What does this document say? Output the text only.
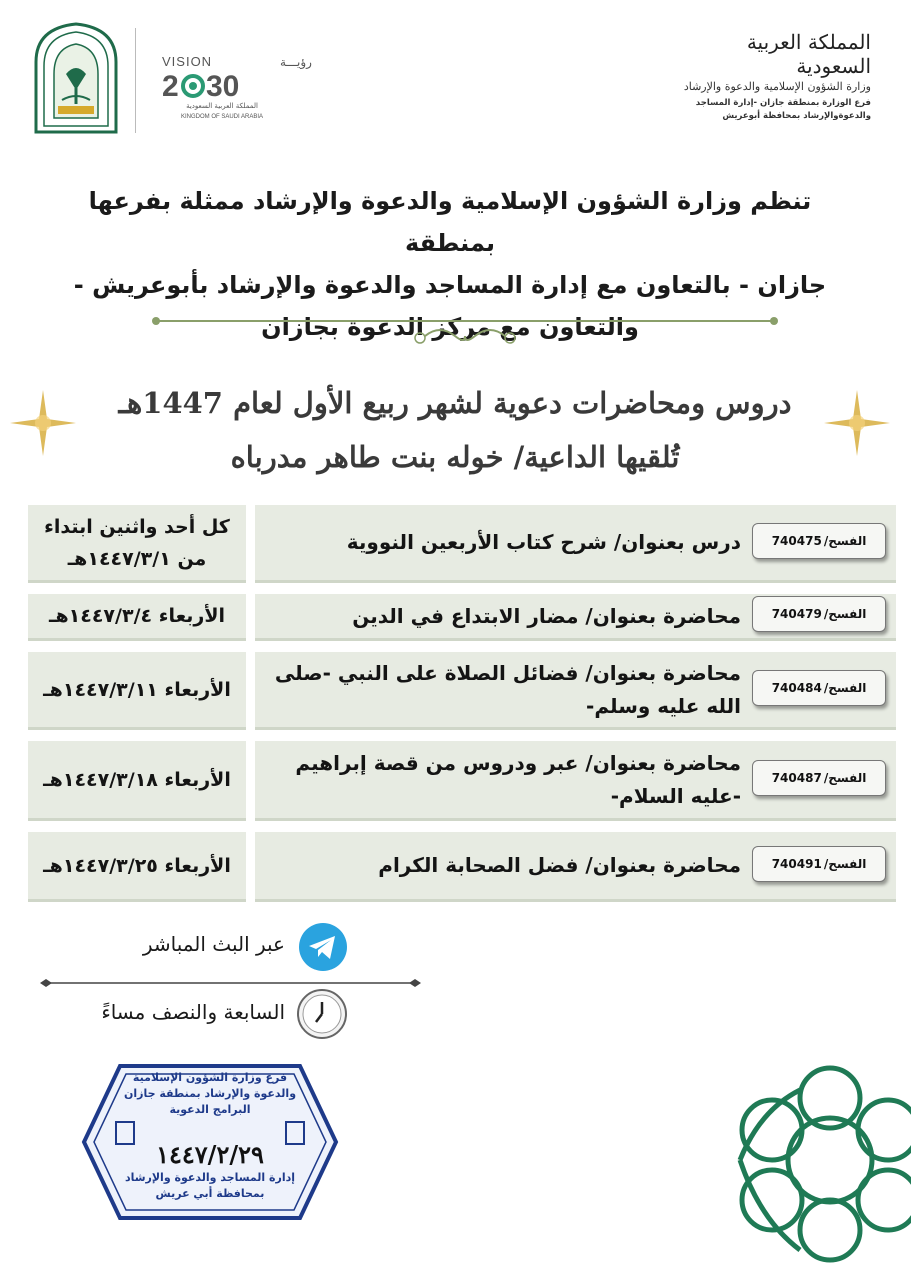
المملكة العربية السعودية
وزارة الشؤون الإسلامية والدعوة والإرشاد
فرع الوزارة بمنطقة جازان -إدارة المساجد
والدعوةوالإرشاد بمحافظة أبوعريش
VISION	رؤيـــة
2 30
المملكة العربية السعودية
KINGDOM OF SAUDI ARABIA
تنظم وزارة الشؤون الإسلامية والدعوة والإرشاد ممثلة بفرعها بمنطقة
جازان - بالتعاون مع إدارة المساجد والدعوة والإرشاد بأبوعريش -
والتعاون مع مركز الدعوة بجازان
دروس ومحاضرات دعوية لشهر ربيع الأول لعام 1447هـ
تُلقيها الداعية/ خوله بنت طاهر مدرباه
الفسح/
740475
درس بعنوان/ شرح كتاب الأربعين النووية
كل أحد واثنين ابتداء من ١٤٤٧/٣/١هـ
الفسح/
740479
محاضرة بعنوان/ مضار الابتداع في الدين
الأربعاء ١٤٤٧/٣/٤هـ
الفسح/
740484
محاضرة بعنوان/ فضائل الصلاة على النبي -صلى الله عليه وسلم-
الأربعاء ١٤٤٧/٣/١١هـ
الفسح/
740487
محاضرة بعنوان/ عبر ودروس من قصة إبراهيم -عليه السلام-
الأربعاء ١٤٤٧/٣/١٨هـ
الفسح/
740491
محاضرة بعنوان/ فضل الصحابة الكرام
الأربعاء ١٤٤٧/٣/٢٥هـ
عبر البث المباشر
السابعة والنصف مساءً
فرع وزارة الشؤون الإسلامية
والدعوة والإرشاد بمنطقة جازان
البرامج الدعوية
١٤٤٧/٢/٢٩
إدارة المساجد والدعوة والإرشاد
بمحافظة أبي عريش
